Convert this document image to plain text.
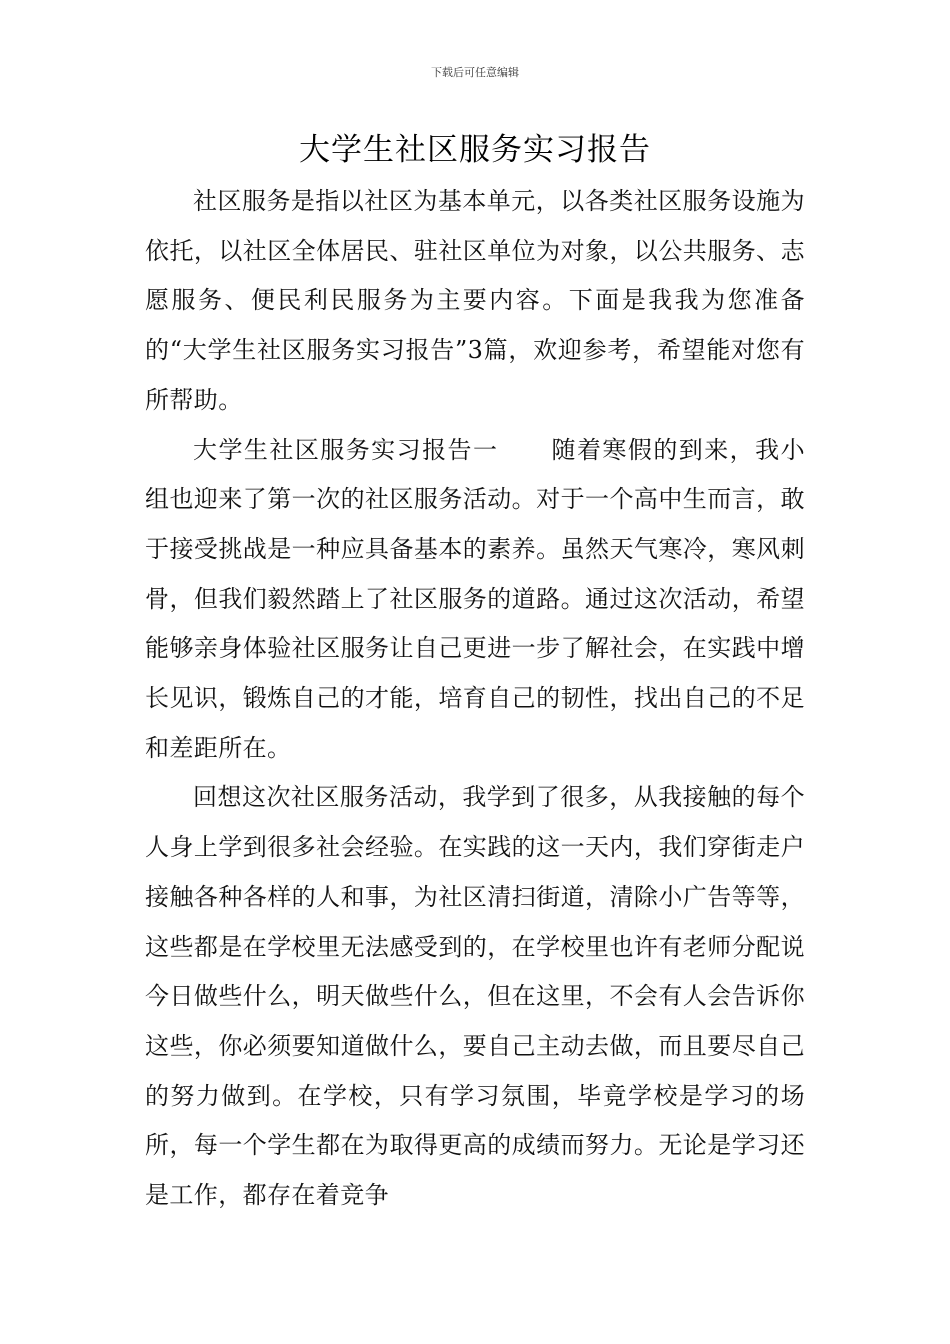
下载后可任意编辑
大学生社区服务实习报告

社区服务是指以社区为基本单元，以各类社区服务设施为依托，以社区全体居民、驻社区单位为对象，以公共服务、志愿服务、便民利民服务为主要内容。下面是我我为您准备的“大学生社区服务实习报告”3篇，欢迎参考，希望能对您有所帮助。

大学生社区服务实习报告一 随着寒假的到来，我小组也迎来了第一次的社区服务活动。对于一个高中生而言，敢于接受挑战是一种应具备基本的素养。虽然天气寒冷，寒风刺骨，但我们毅然踏上了社区服务的道路。通过这次活动，希望能够亲身体验社区服务让自己更进一步了解社会，在实践中增长见识，锻炼自己的才能，培育自己的韧性，找出自己的不足和差距所在。

回想这次社区服务活动，我学到了很多，从我接触的每个人身上学到很多社会经验。在实践的这一天内，我们穿街走户接触各种各样的人和事，为社区清扫街道，清除小广告等等，这些都是在学校里无法感受到的，在学校里也许有老师分配说今日做些什么，明天做些什么，但在这里，不会有人会告诉你这些，你必须要知道做什么，要自己主动去做，而且要尽自己的努力做到。在学校，只有学习氛围，毕竟学校是学习的场所，每一个学生都在为取得更高的成绩而努力。无论是学习还是工作，都存在着竞争
